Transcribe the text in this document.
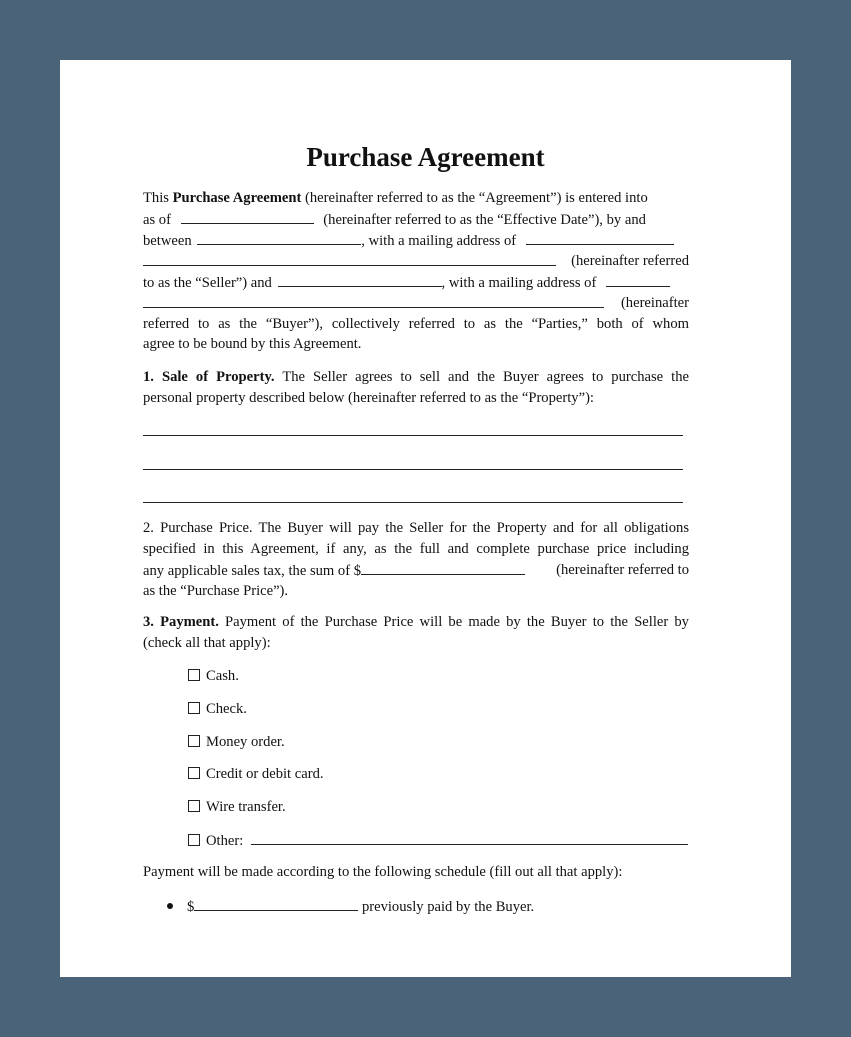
Purchase Agreement
This Purchase Agreement (hereinafter referred to as the “Agreement”) is entered into
as of	(hereinafter referred to as the “Effective Date”), by and
between	, with a mailing address of
(hereinafter referred
to as the “Seller”) and	, with a mailing address of
(hereinafter
referred to as the “Buyer”), collectively referred to as the “Parties,” both of whom
agree to be bound by this Agreement.
1. Sale of Property. The Seller agrees to sell and the Buyer agrees to purchase the
personal property described below (hereinafter referred to as the “Property”):
2. Purchase Price. The Buyer will pay the Seller for the Property and for all obligations
specified in this Agreement, if any, as the full and complete purchase price including
any applicable sales tax, the sum of $	(hereinafter referred to
as the “Purchase Price”).
3. Payment. Payment of the Purchase Price will be made by the Buyer to the Seller by
(check all that apply):
Cash.
Check.
Money order.
Credit or debit card.
Wire transfer.
Other:
Payment will be made according to the following schedule (fill out all that apply):
$	previously paid by the Buyer.
